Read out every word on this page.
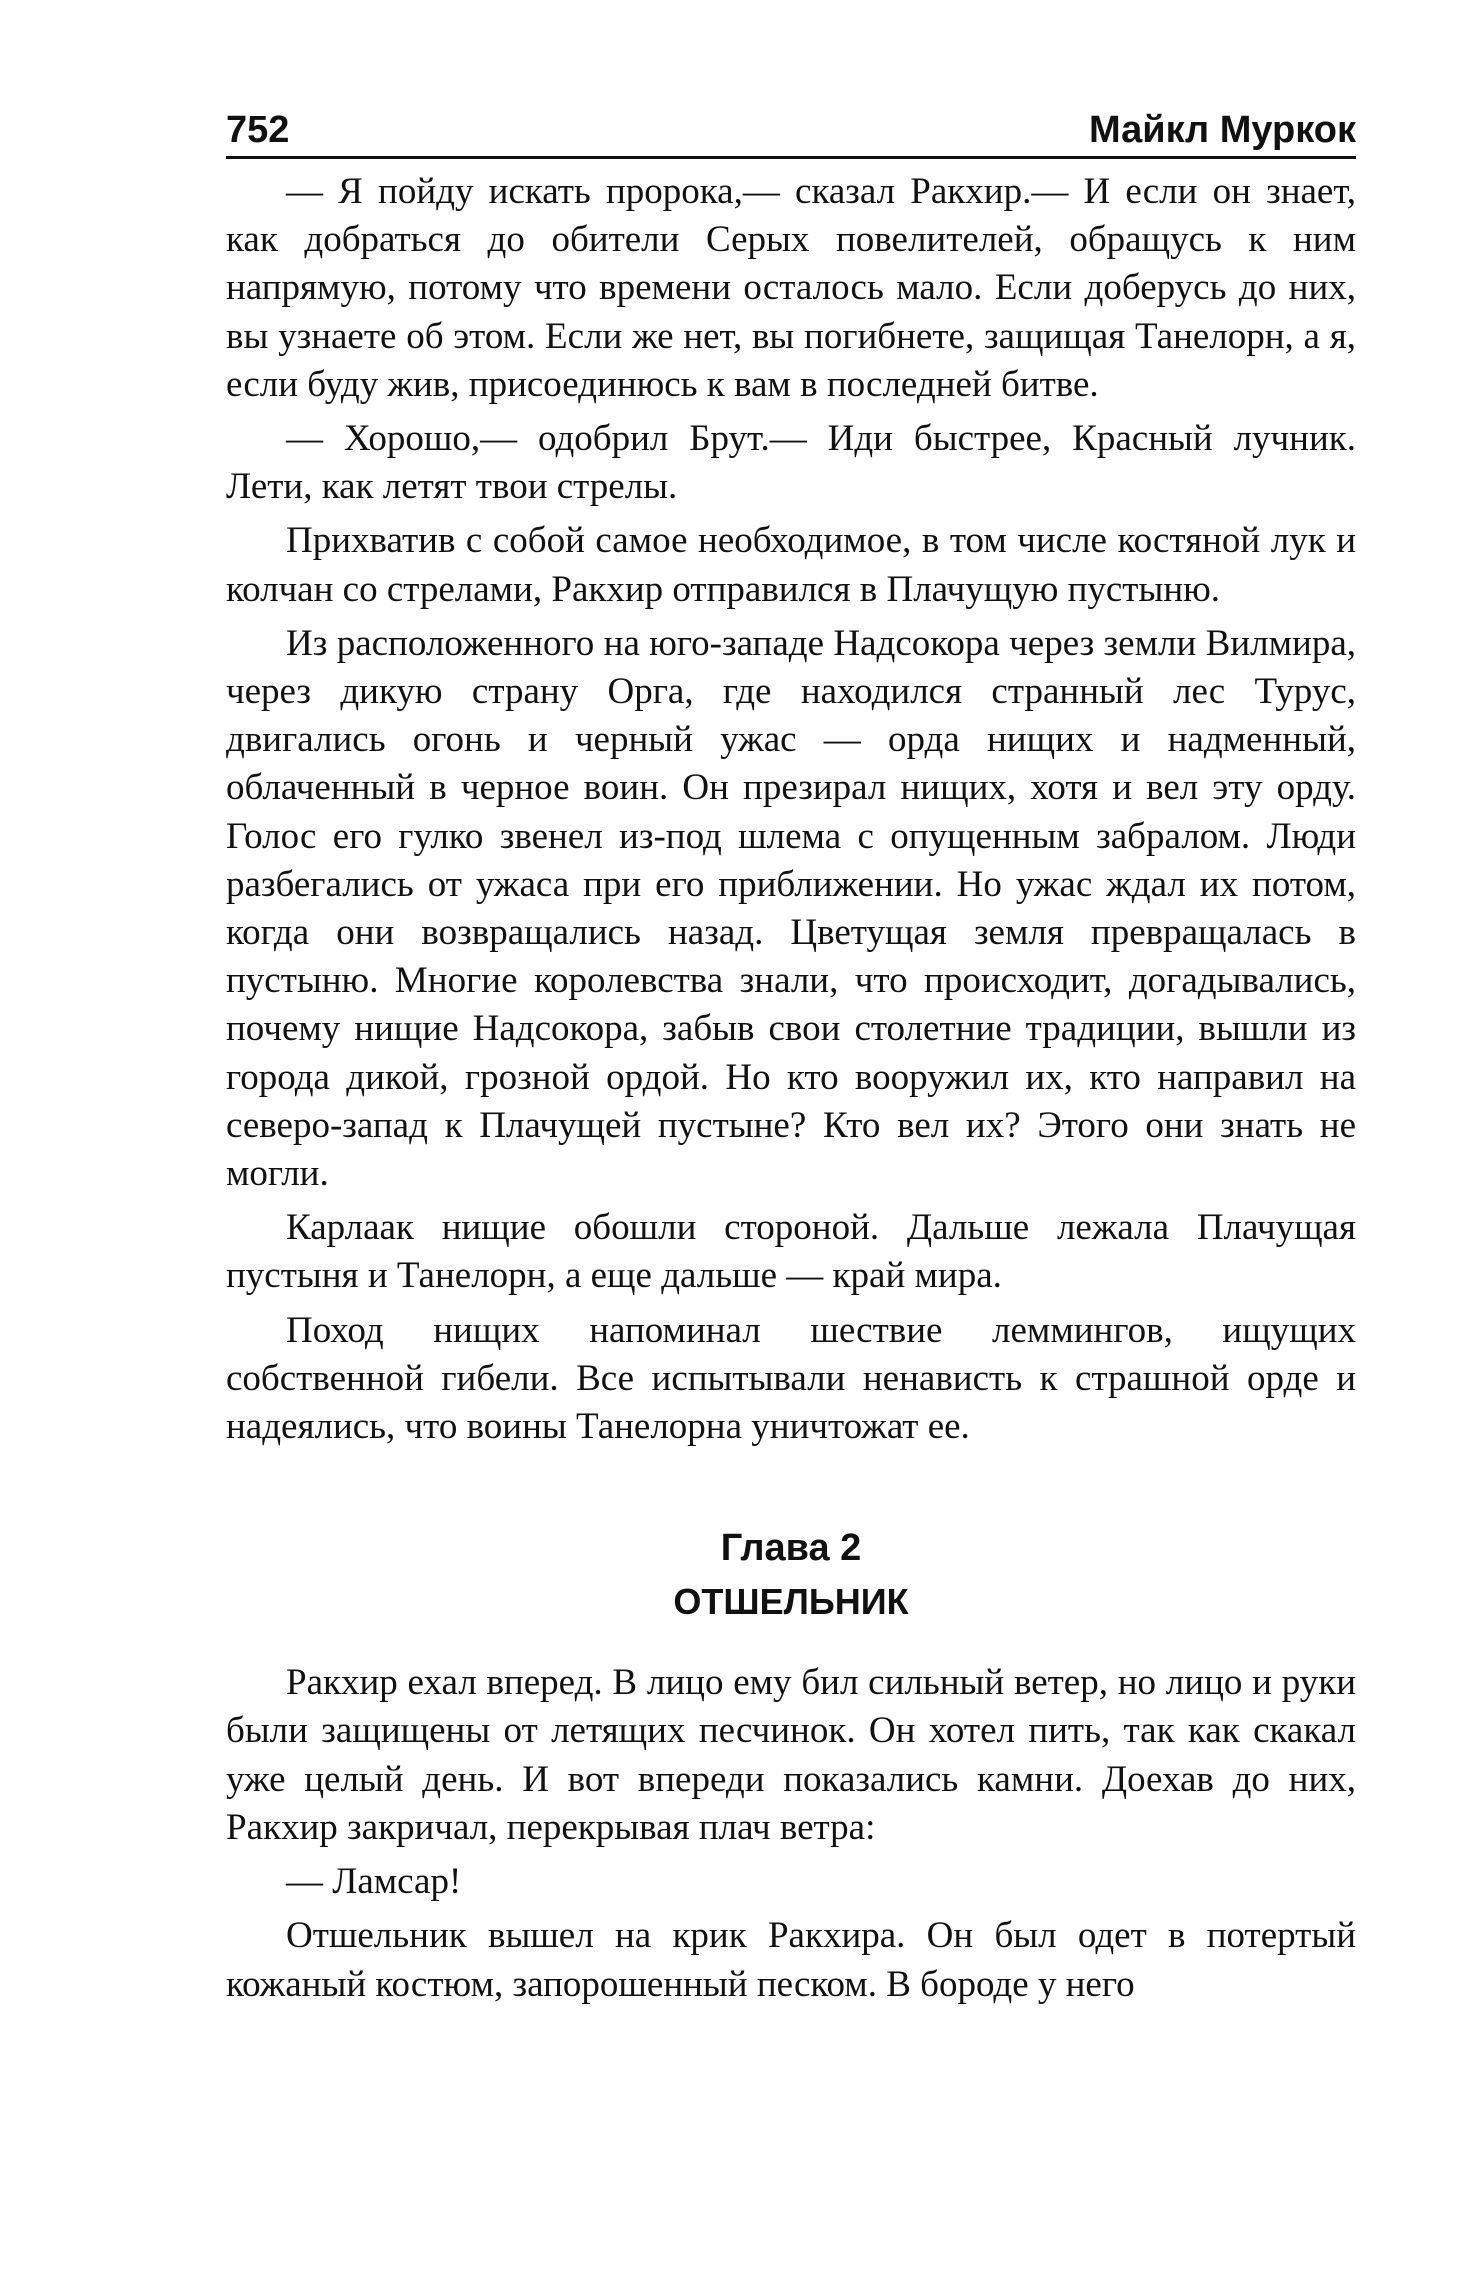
752	Майкл Муркок

— Я пойду искать пророка,— сказал Ракхир.— И если он знает, как добраться до обители Серых повелителей, обращусь к ним напрямую, потому что времени осталось мало. Если доберусь до них, вы узнаете об этом. Если же нет, вы погибнете, защищая Танелорн, а я, если буду жив, присоединюсь к вам в последней битве.

— Хорошо,— одобрил Брут.— Иди быстрее, Красный лучник. Лети, как летят твои стрелы.

Прихватив с собой самое необходимое, в том числе костяной лук и колчан со стрелами, Ракхир отправился в Плачущую пустыню.

Из расположенного на юго-западе Надсокора через земли Вилмира, через дикую страну Орга, где находился странный лес Турус, двигались огонь и черный ужас — орда нищих и надменный, облаченный в черное воин. Он презирал нищих, хотя и вел эту орду. Голос его гулко звенел из-под шлема с опущенным забралом. Люди разбегались от ужаса при его приближении. Но ужас ждал их потом, когда они возвращались назад. Цветущая земля превращалась в пустыню. Многие королевства знали, что происходит, догадывались, почему нищие Надсокора, забыв свои столетние традиции, вышли из города дикой, грозной ордой. Но кто вооружил их, кто направил на северо-запад к Плачущей пустыне? Кто вел их? Этого они знать не могли.

Карлаак нищие обошли стороной. Дальше лежала Плачущая пустыня и Танелорн, а еще дальше — край мира.

Поход нищих напоминал шествие леммингов, ищущих собственной гибели. Все испытывали ненависть к страшной орде и надеялись, что воины Танелорна уничтожат ее.

Глава 2
ОТШЕЛЬНИК

Ракхир ехал вперед. В лицо ему бил сильный ветер, но лицо и руки были защищены от летящих песчинок. Он хотел пить, так как скакал уже целый день. И вот впереди показались камни. Доехав до них, Ракхир закричал, перекрывая плач ветра:

— Ламсар!

Отшельник вышел на крик Ракхира. Он был одет в потертый кожаный костюм, запорошенный песком. В бороде у него
